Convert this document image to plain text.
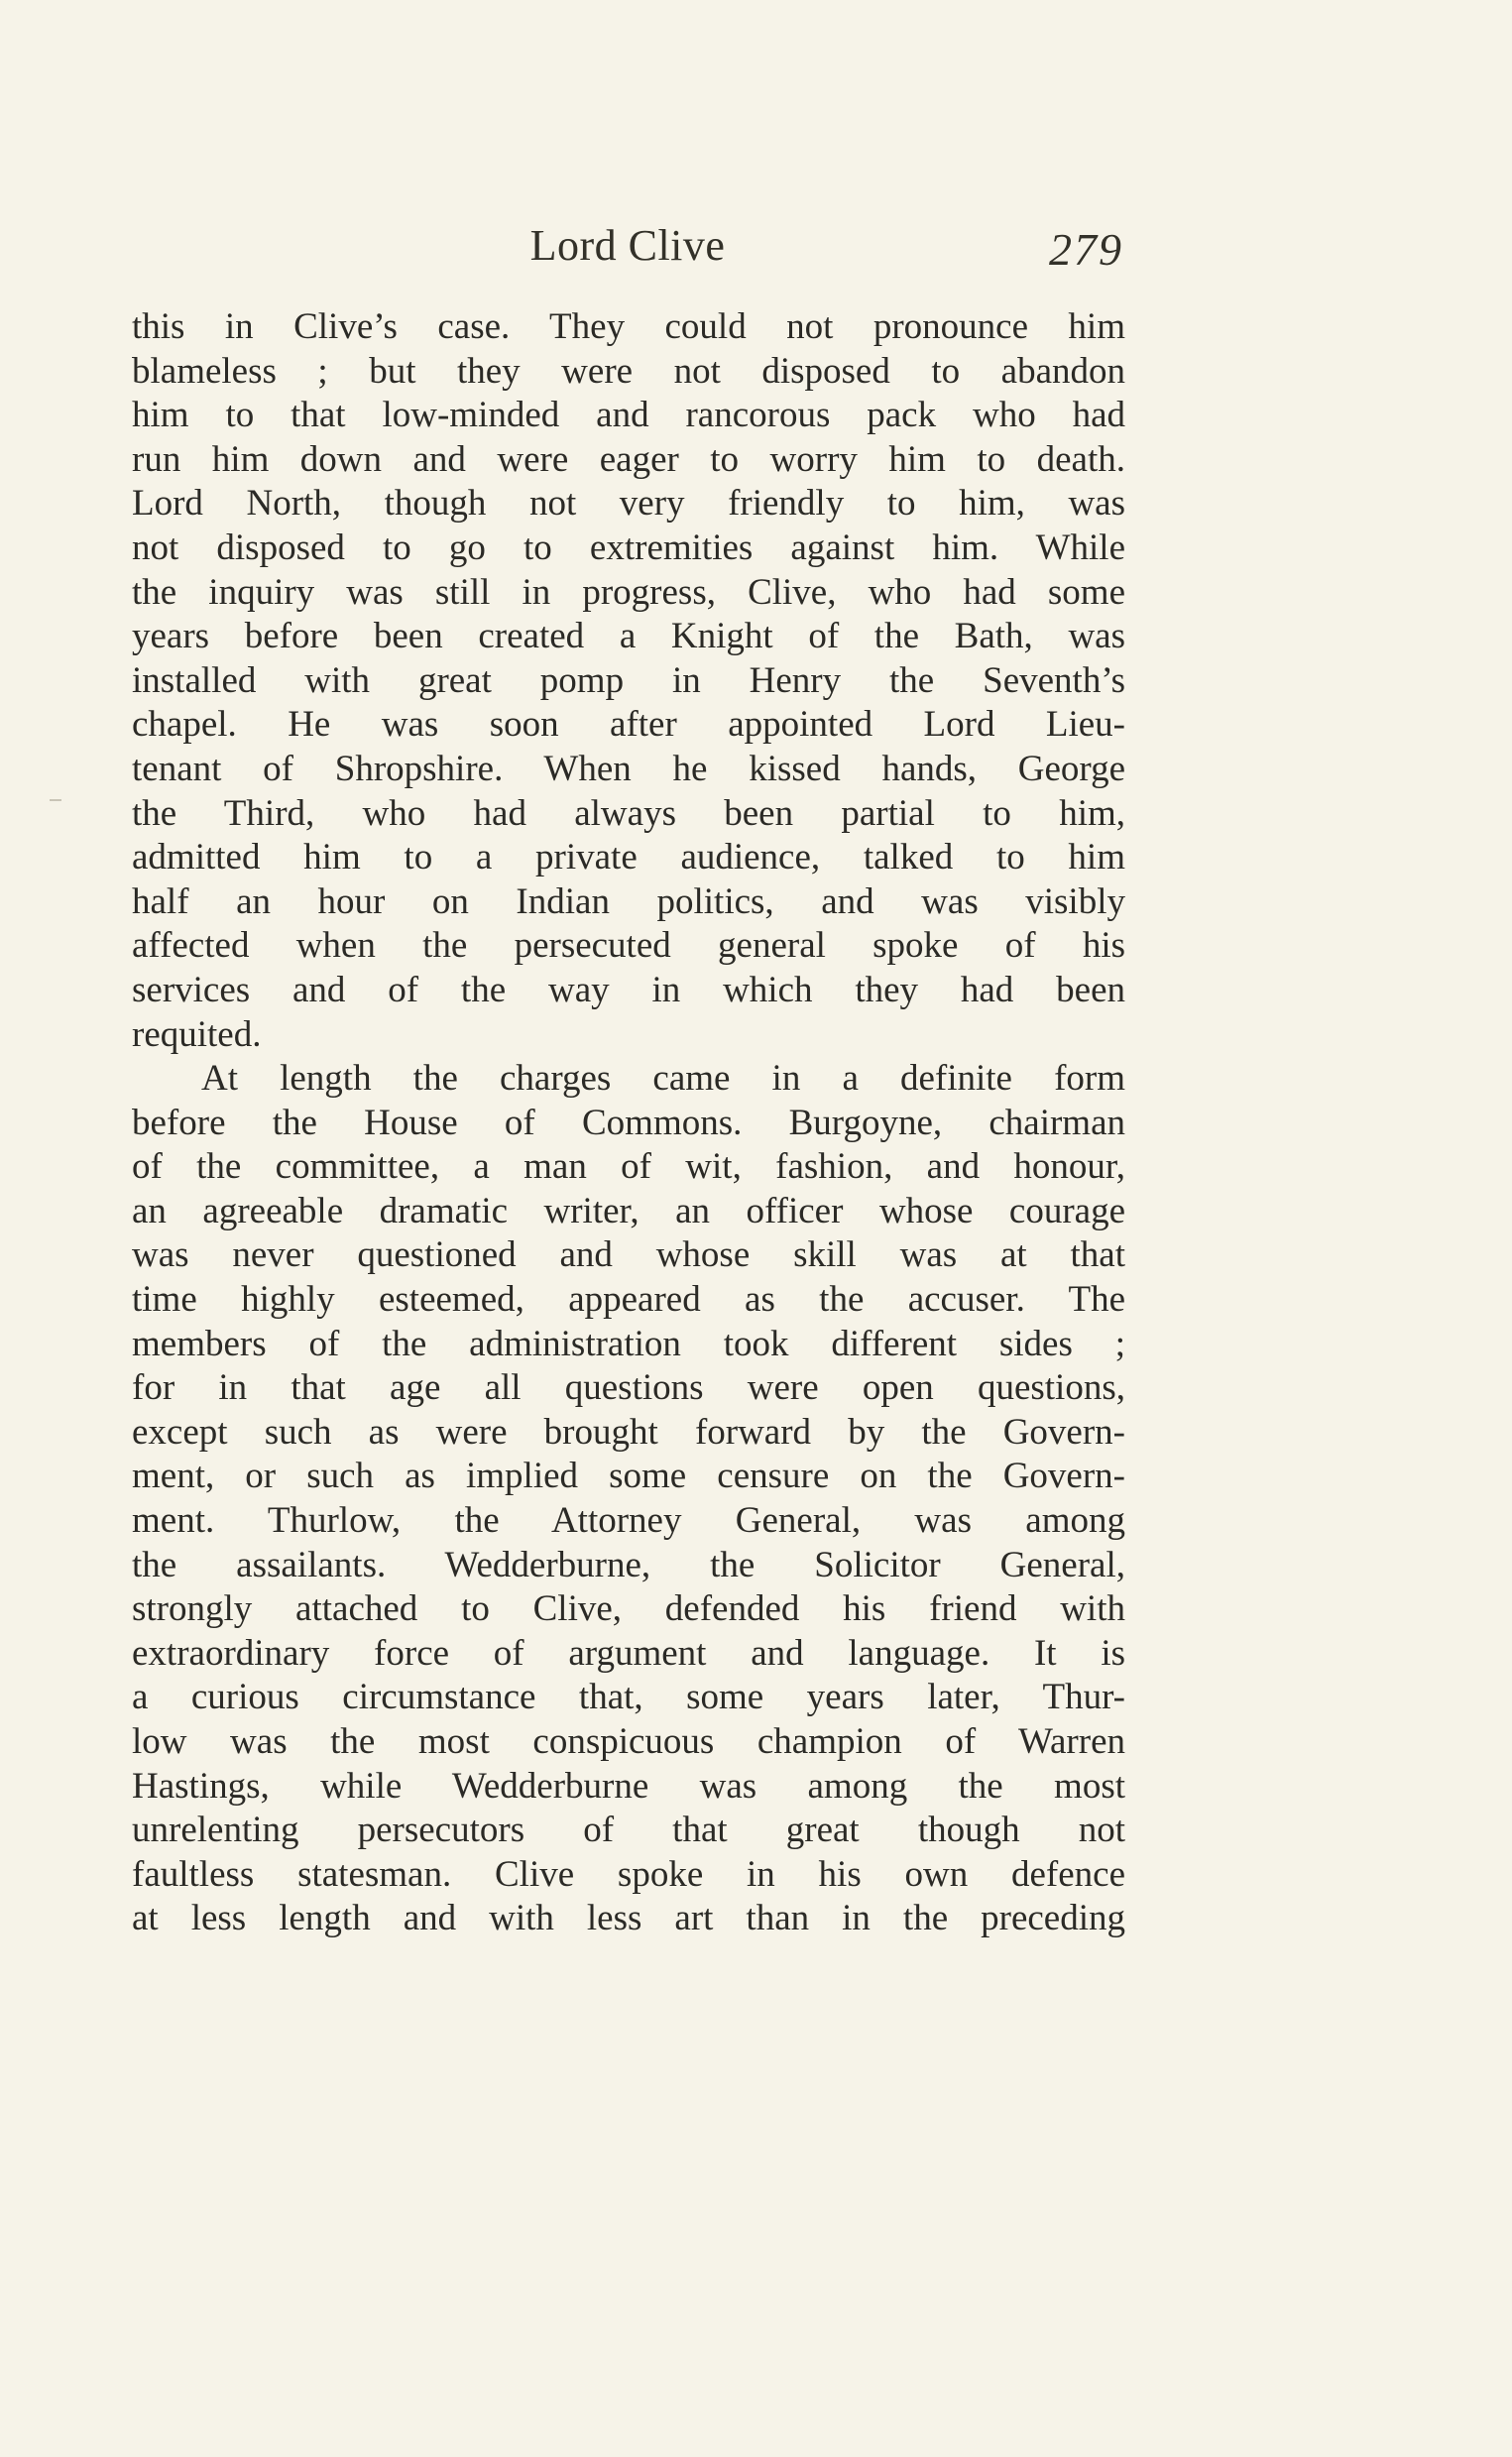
Lord Clive	279
this in Clive’s case. They could not pronounce him
blameless ; but they were not disposed to abandon
him to that low-minded and rancorous pack who had
run him down and were eager to worry him to death.
Lord North, though not very friendly to him, was
not disposed to go to extremities against him. While
the inquiry was still in progress, Clive, who had some
years before been created a Knight of the Bath, was
installed with great pomp in Henry the Seventh’s
chapel. He was soon after appointed Lord Lieu-
tenant of Shropshire. When he kissed hands, George
the Third, who had always been partial to him,
admitted him to a private audience, talked to him
half an hour on Indian politics, and was visibly
affected when the persecuted general spoke of his
services and of the way in which they had been
requited.
At length the charges came in a definite form
before the House of Commons. Burgoyne, chairman
of the committee, a man of wit, fashion, and honour,
an agreeable dramatic writer, an officer whose courage
was never questioned and whose skill was at that
time highly esteemed, appeared as the accuser. The
members of the administration took different sides ;
for in that age all questions were open questions,
except such as were brought forward by the Govern-
ment, or such as implied some censure on the Govern-
ment. Thurlow, the Attorney General, was among
the assailants. Wedderburne, the Solicitor General,
strongly attached to Clive, defended his friend with
extraordinary force of argument and language. It is
a curious circumstance that, some years later, Thur-
low was the most conspicuous champion of Warren
Hastings, while Wedderburne was among the most
unrelenting persecutors of that great though not
faultless statesman. Clive spoke in his own defence
at less length and with less art than in the preceding
